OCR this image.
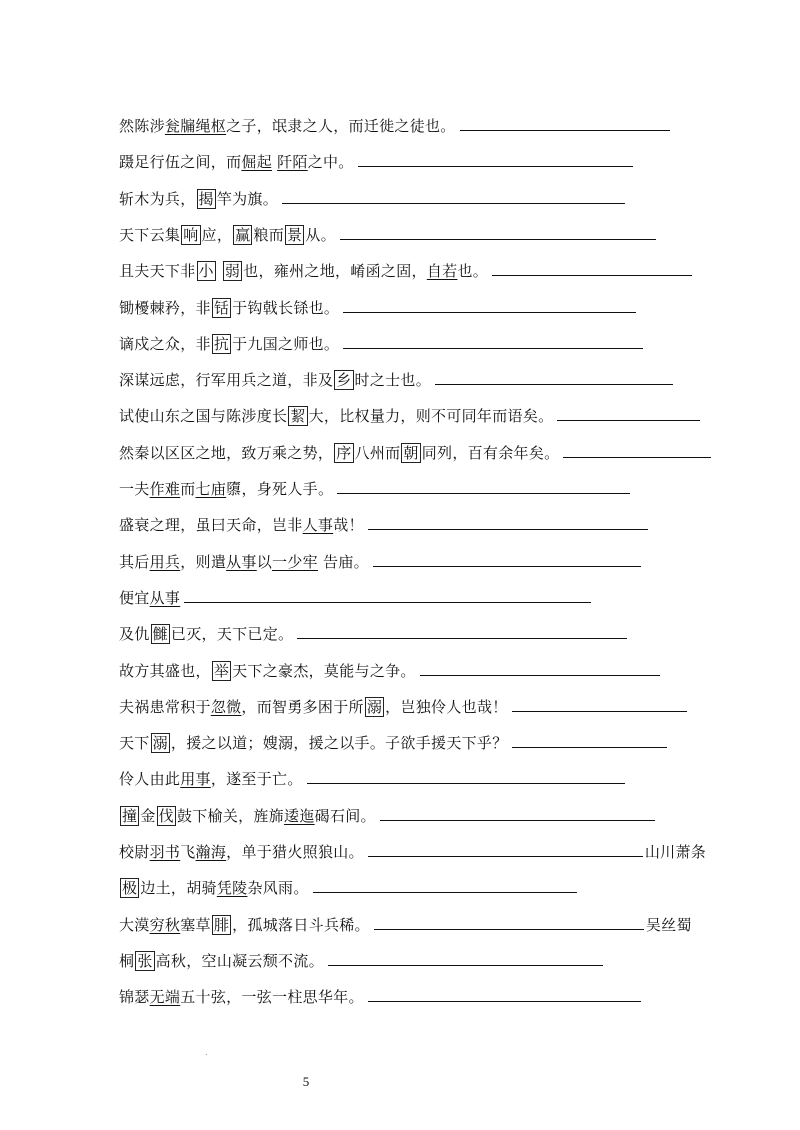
然陈涉瓮牖绳枢之子，氓隶之人，而迁徙之徒也。
蹑足行伍之间，而倔起 阡陌之中。
斩木为兵， 揭 竿为旗。
天下云集 响 应， 赢 粮而 景 从。
且夫天下非 小 弱 也，雍州之地，崤函之固，自若也。
锄櫌棘矜，非 铦 于钩戟长铩也。
谪戍之众，非 抗 于九国之师也。
深谋远虑，行军用兵之道，非及 乡 时之士也。
试使山东之国与陈涉度长 絜 大，比权量力，则不可同年而语矣。
然秦以区区之地，致万乘之势， 序 八州而 朝 同列，百有余年矣。
一夫作难而七庙隳，身死人手。
盛衰之理，虽曰天命，岂非人事哉！
其后用兵，则遣从事以一少牢 告庙。
便宜从事
及仇 雠 已灭，天下已定。
故方其盛也， 举 天下之豪杰，莫能与之争。
夫祸患常积于忽微，而智勇多困于所 溺 ，岂独伶人也哉！
天下 溺 ，援之以道；嫂溺，援之以手。子欲手援天下乎？
伶人由此用事，遂至于亡。
撞 金 伐 鼓下榆关，旌旆逶迤碣石间。
校尉羽书飞瀚海，单于猎火照狼山。	山川萧条
极 边土，胡骑凭陵杂风雨。
大漠穷秋塞草 腓 ，孤城落日斗兵稀。	吴丝蜀
桐 张 高秋，空山凝云颓不流。
锦瑟无端五十弦，一弦一柱思华年。
.
5
